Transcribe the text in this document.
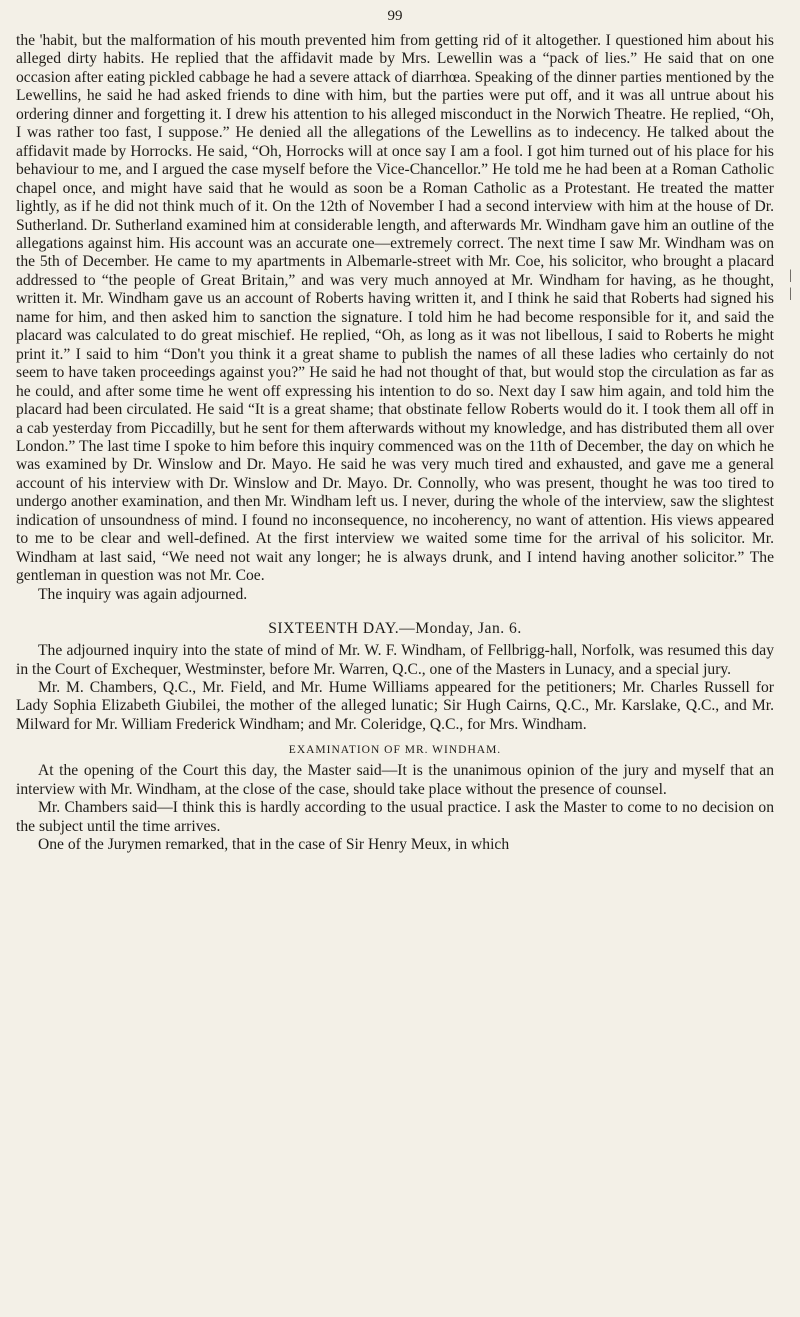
99

the 'habit, but the malformation of his mouth prevented him from getting rid of it altogether. I questioned him about his alleged dirty habits. He replied that the affidavit made by Mrs. Lewellin was a “pack of lies.” He said that on one occasion after eating pickled cabbage he had a severe attack of diarrhœa. Speaking of the dinner parties mentioned by the Lewellins, he said he had asked friends to dine with him, but the parties were put off, and it was all untrue about his ordering dinner and forgetting it. I drew his attention to his alleged misconduct in the Norwich Theatre. He replied, “Oh, I was rather too fast, I suppose.” He denied all the allegations of the Lewellins as to indecency. He talked about the affidavit made by Horrocks. He said, “Oh, Horrocks will at once say I am a fool. I got him turned out of his place for his behaviour to me, and I argued the case myself before the Vice-Chancellor.” He told me he had been at a Roman Catholic chapel once, and might have said that he would as soon be a Roman Catholic as a Protestant. He treated the matter lightly, as if he did not think much of it. On the 12th of November I had a second interview with him at the house of Dr. Sutherland. Dr. Sutherland examined him at considerable length, and afterwards Mr. Windham gave him an outline of the allegations against him. His account was an accurate one—extremely correct. The next time I saw Mr. Windham was on the 5th of December. He came to my apartments in Albemarle-street with Mr. Coe, his solicitor, who brought a placard addressed to “the people of Great Britain,” and was very much annoyed at Mr. Windham for having, as he thought, written it. Mr. Windham gave us an account of Roberts having written it, and I think he said that Roberts had signed his name for him, and then asked him to sanction the signature. I told him he had become responsible for it, and said the placard was calculated to do great mischief. He replied, “Oh, as long as it was not libellous, I said to Roberts he might print it.” I said to him “Don't you think it a great shame to publish the names of all these ladies who certainly do not seem to have taken proceedings against you?” He said he had not thought of that, but would stop the circulation as far as he could, and after some time he went off expressing his intention to do so. Next day I saw him again, and told him the placard had been circulated. He said “It is a great shame; that obstinate fellow Roberts would do it. I took them all off in a cab yesterday from Piccadilly, but he sent for them afterwards without my knowledge, and has distributed them all over London.” The last time I spoke to him before this inquiry commenced was on the 11th of December, the day on which he was examined by Dr. Winslow and Dr. Mayo. He said he was very much tired and exhausted, and gave me a general account of his interview with Dr. Winslow and Dr. Mayo. Dr. Connolly, who was present, thought he was too tired to undergo another examination, and then Mr. Windham left us. I never, during the whole of the interview, saw the slightest indication of unsoundness of mind. I found no inconsequence, no incoherency, no want of attention. His views appeared to me to be clear and well-defined. At the first interview we waited some time for the arrival of his solicitor. Mr. Windham at last said, “We need not wait any longer; he is always drunk, and I intend having another solicitor.” The gentleman in question was not Mr. Coe.

The inquiry was again adjourned.

SIXTEENTH DAY.—Monday, Jan. 6.

The adjourned inquiry into the state of mind of Mr. W. F. Windham, of Fellbrigg-hall, Norfolk, was resumed this day in the Court of Exchequer, Westminster, before Mr. Warren, Q.C., one of the Masters in Lunacy, and a special jury.

Mr. M. Chambers, Q.C., Mr. Field, and Mr. Hume Williams appeared for the petitioners; Mr. Charles Russell for Lady Sophia Elizabeth Giubilei, the mother of the alleged lunatic; Sir Hugh Cairns, Q.C., Mr. Karslake, Q.C., and Mr. Milward for Mr. William Frederick Windham; and Mr. Coleridge, Q.C., for Mrs. Windham.

EXAMINATION OF MR. WINDHAM.

At the opening of the Court this day, the Master said—It is the unanimous opinion of the jury and myself that an interview with Mr. Windham, at the close of the case, should take place without the presence of counsel.

Mr. Chambers said—I think this is hardly according to the usual practice. I ask the Master to come to no decision on the subject until the time arrives.

One of the Jurymen remarked, that in the case of Sir Henry Meux, in which

|
|
